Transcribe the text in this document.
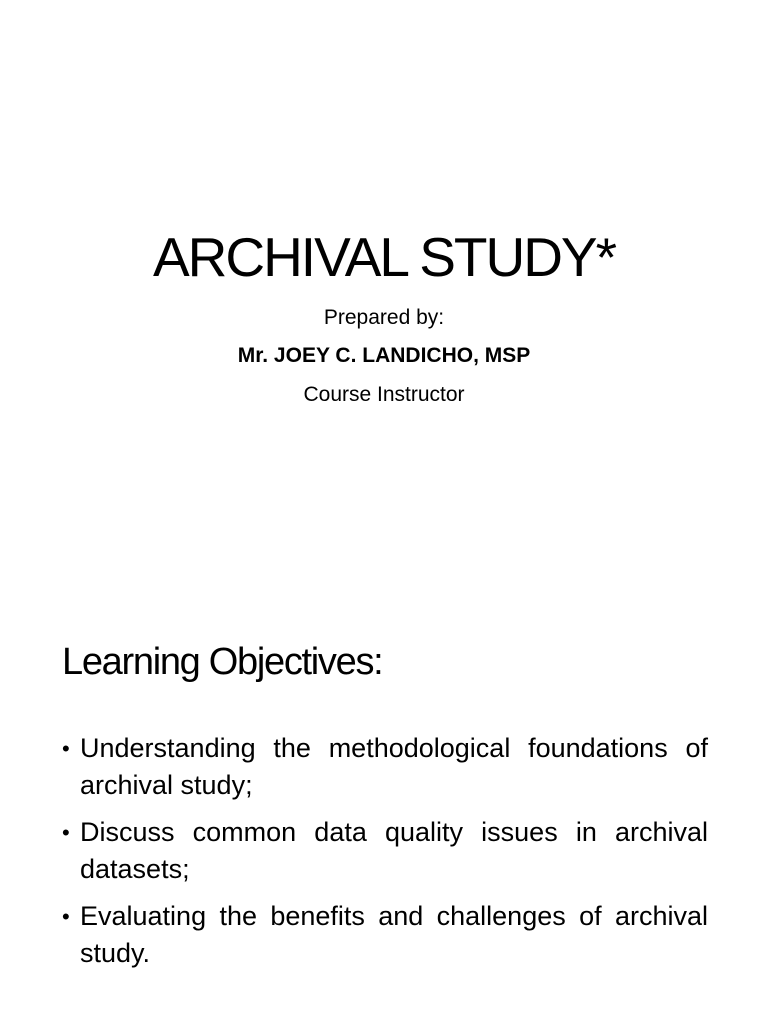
ARCHIVAL STUDY*

Prepared by:

Mr. JOEY C. LANDICHO, MSP

Course Instructor

Learning Objectives:
• Understanding the methodological foundations of archival study;
• Discuss common data quality issues in archival datasets;
• Evaluating the benefits and challenges of archival study.
